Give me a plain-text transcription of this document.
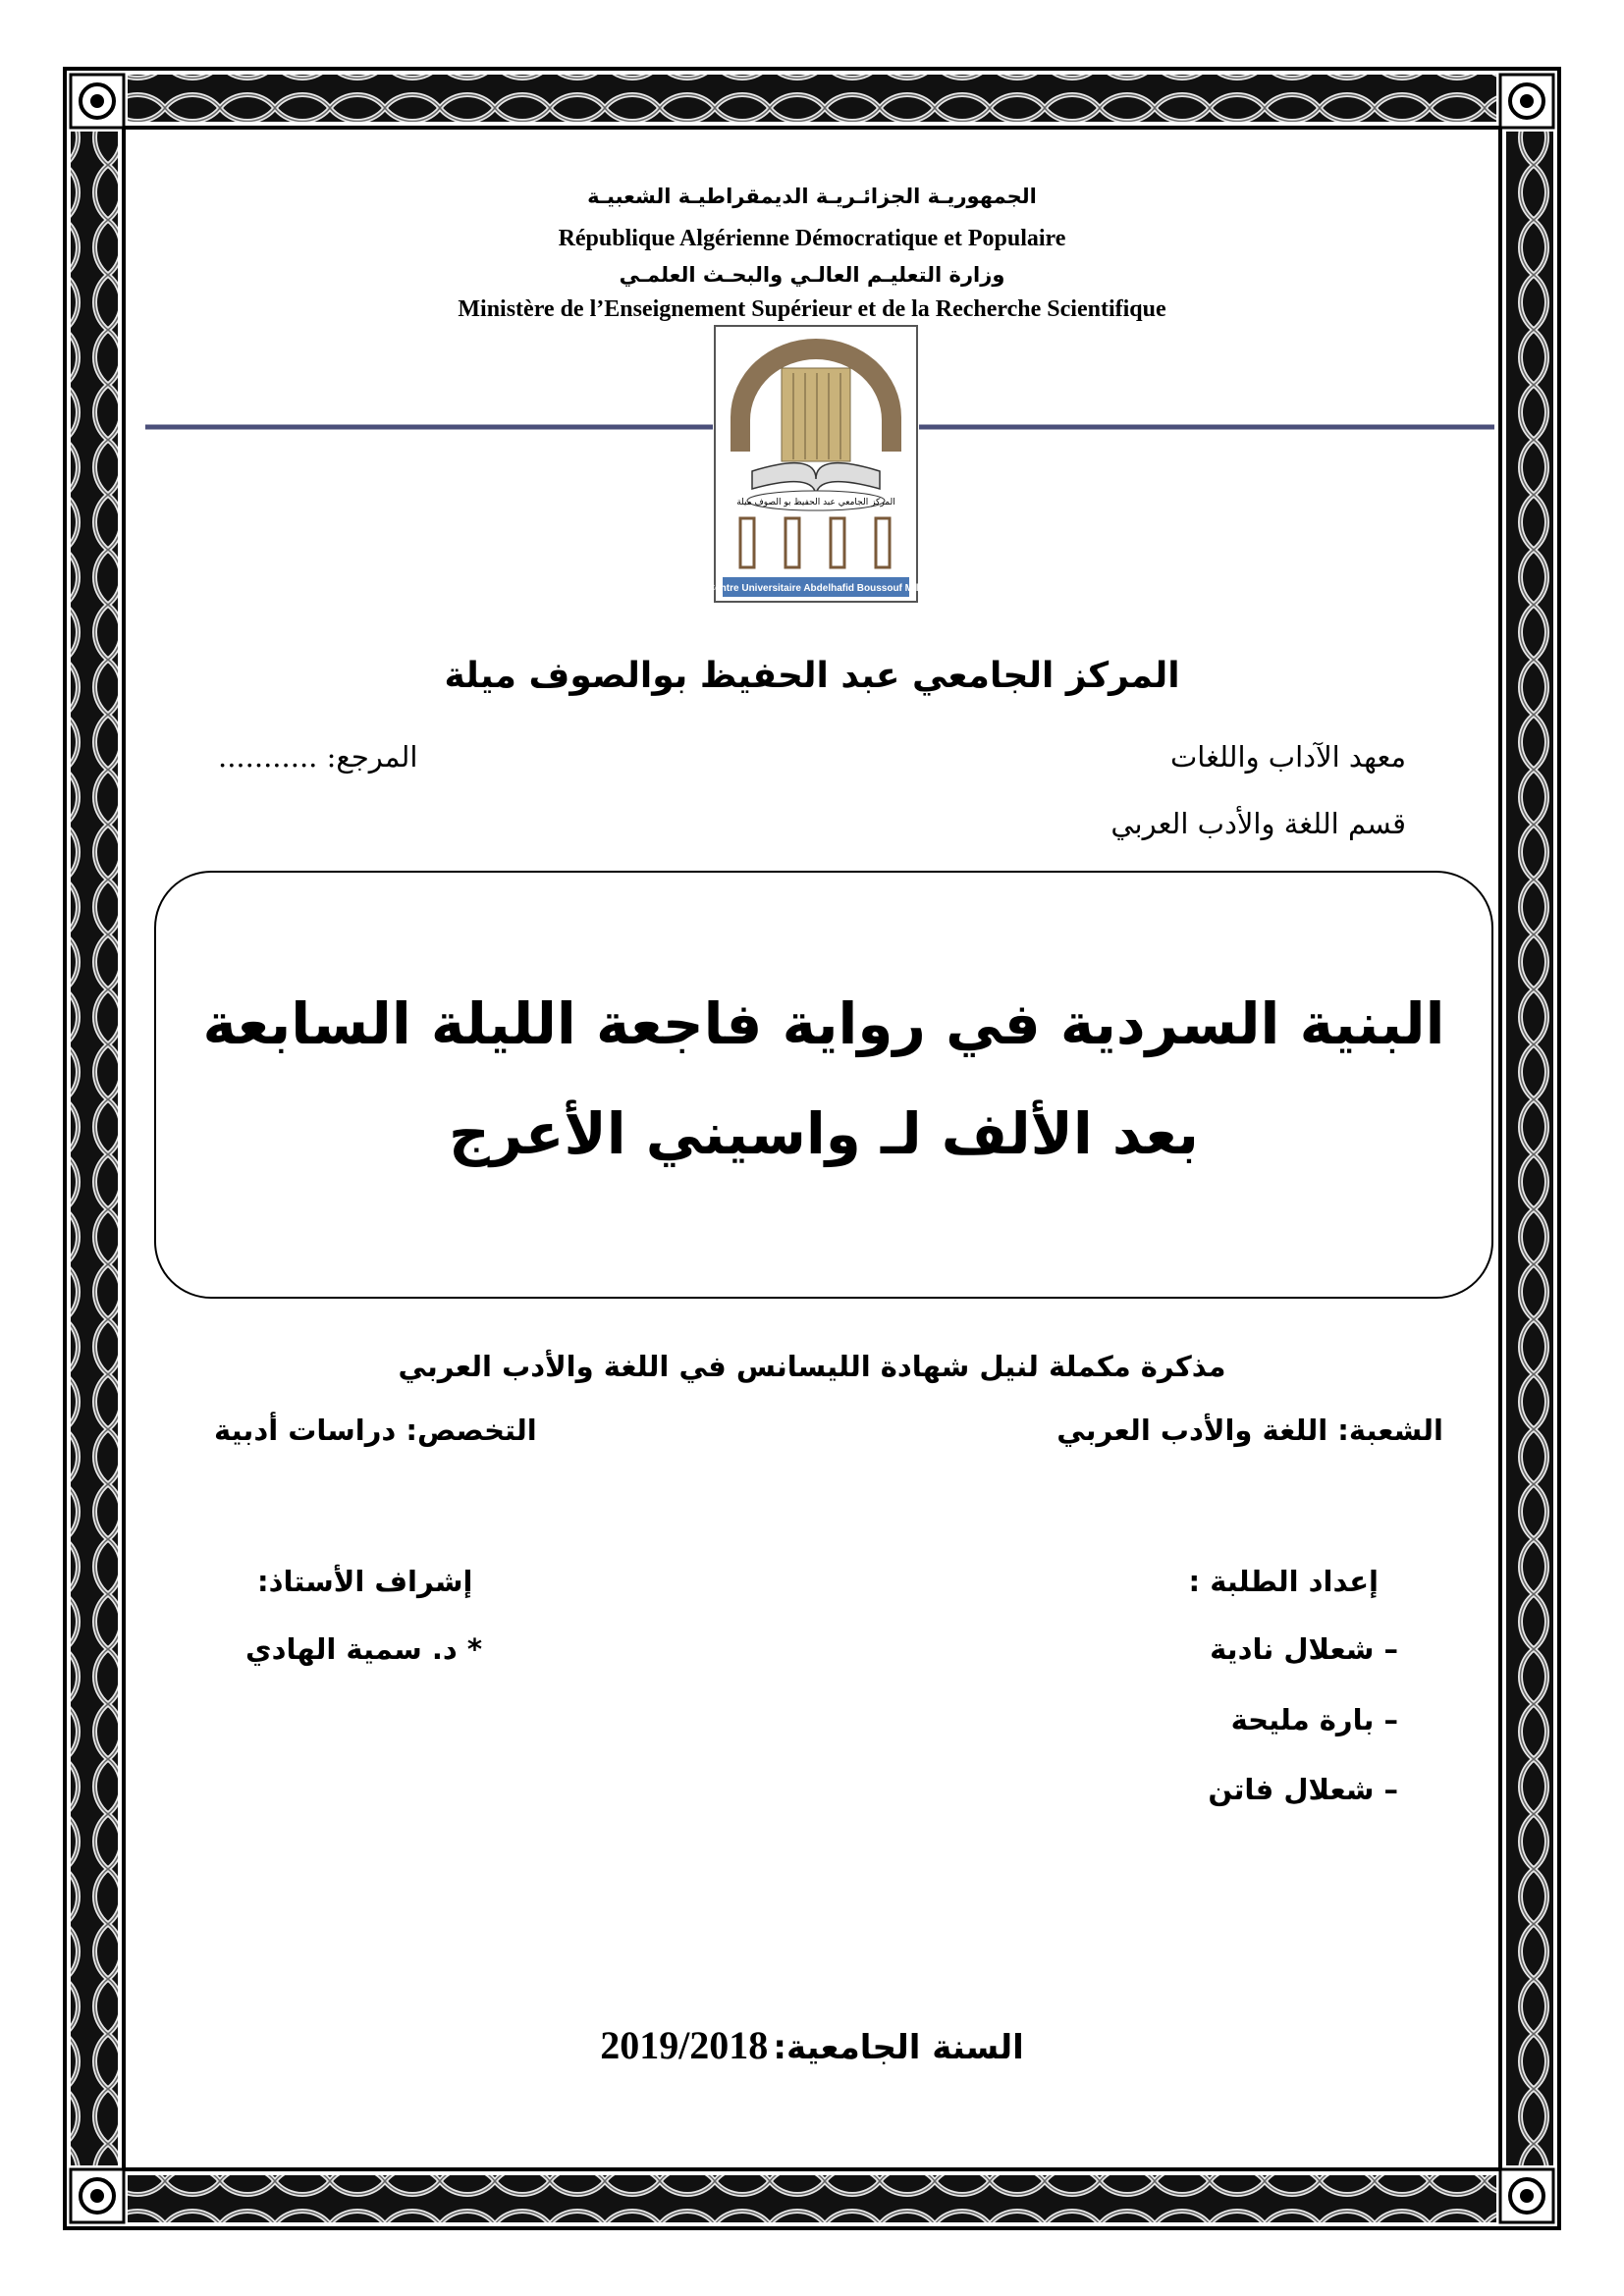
الجمهوريـة الجزائـريـة الديمقراطيـة الشعبيـة
République Algérienne Démocratique et Populaire
وزارة التعليـم العالـي والبحـث العلمـي
Ministère de l’Enseignement Supérieur et de la Recherche Scientifique
المركز الجامعي عبد الحفيظ بو الصوف ميلة
Centre Universitaire Abdelhafid Boussouf Mila
المركز الجامعي عبد الحفيظ بوالصوف ميلة
معهد الآداب واللغات
المرجع: ...........
قسم اللغة والأدب العربي
البنية السردية في رواية فاجعة الليلة السابعة
بعد الألف لـ واسيني الأعرج
مذكرة مكملة لنيل شهادة الليسانس في اللغة والأدب العربي
الشعبة: اللغة والأدب العربي
التخصص: دراسات أدبية
إعداد الطلبة :
– شعلال نادية
– بارة مليحة
– شعلال فاتن
إشراف الأستاذ:
* د. سمية الهادي
السنة الجامعية: 2019/2018
